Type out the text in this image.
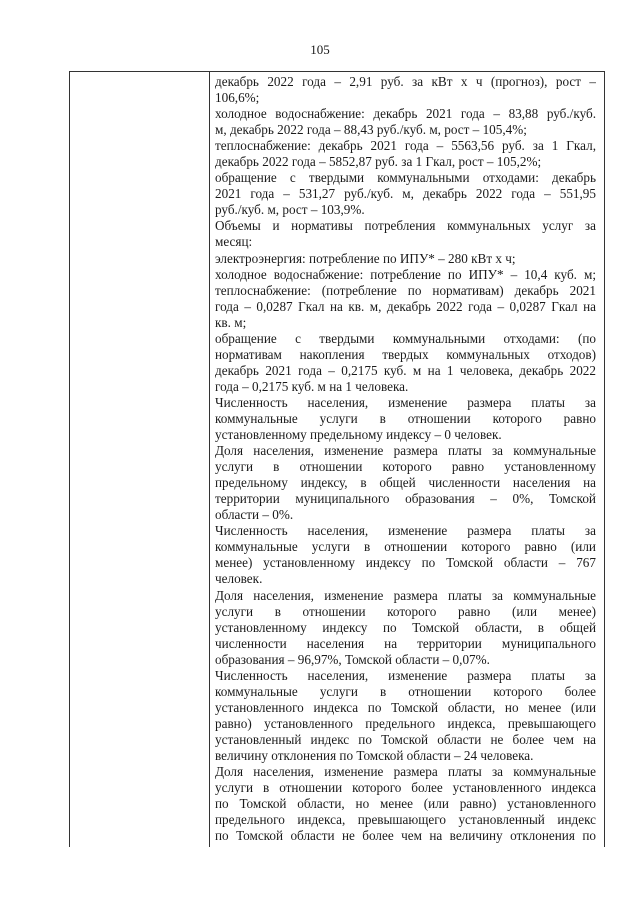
105
декабрь 2022 года – 2,91 руб. за кВт x ч (прогноз), рост –
106,6%;
холодное водоснабжение: декабрь 2021 года – 83,88 руб./куб.
м, декабрь 2022 года – 88,43 руб./куб. м, рост – 105,4%;
теплоснабжение: декабрь 2021 года – 5563,56 руб. за 1 Гкал,
декабрь 2022 года – 5852,87 руб. за 1 Гкал, рост – 105,2%;
обращение с твердыми коммунальными отходами: декабрь
2021 года – 531,27 руб./куб. м, декабрь 2022 года – 551,95
руб./куб. м, рост – 103,9%.
Объемы и нормативы потребления коммунальных услуг за
месяц:
электроэнергия: потребление по ИПУ* – 280 кВт x ч;
холодное водоснабжение: потребление по ИПУ* – 10,4 куб. м;
теплоснабжение: (потребление по нормативам) декабрь 2021
года – 0,0287 Гкал на кв. м, декабрь 2022 года – 0,0287 Гкал на
кв. м;
обращение с твердыми коммунальными отходами: (по
нормативам накопления твердых коммунальных отходов)
декабрь 2021 года – 0,2175 куб. м на 1 человека, декабрь 2022
года – 0,2175 куб. м на 1 человека.
Численность населения, изменение размера платы за
коммунальные услуги в отношении которого равно
установленному предельному индексу – 0 человек.
Доля населения, изменение размера платы за коммунальные
услуги в отношении которого равно установленному
предельному индексу, в общей численности населения на
территории муниципального образования – 0%, Томской
области – 0%.
Численность населения, изменение размера платы за
коммунальные услуги в отношении которого равно (или
менее) установленному индексу по Томской области – 767
человек.
Доля населения, изменение размера платы за коммунальные
услуги в отношении которого равно (или менее)
установленному индексу по Томской области, в общей
численности населения на территории муниципального
образования – 96,97%, Томской области – 0,07%.
Численность населения, изменение размера платы за
коммунальные услуги в отношении которого более
установленного индекса по Томской области, но менее (или
равно) установленного предельного индекса, превышающего
установленный индекс по Томской области не более чем на
величину отклонения по Томской области – 24 человека.
Доля населения, изменение размера платы за коммунальные
услуги в отношении которого более установленного индекса
по Томской области, но менее (или равно) установленного
предельного индекса, превышающего установленный индекс
по Томской области не более чем на величину отклонения по
